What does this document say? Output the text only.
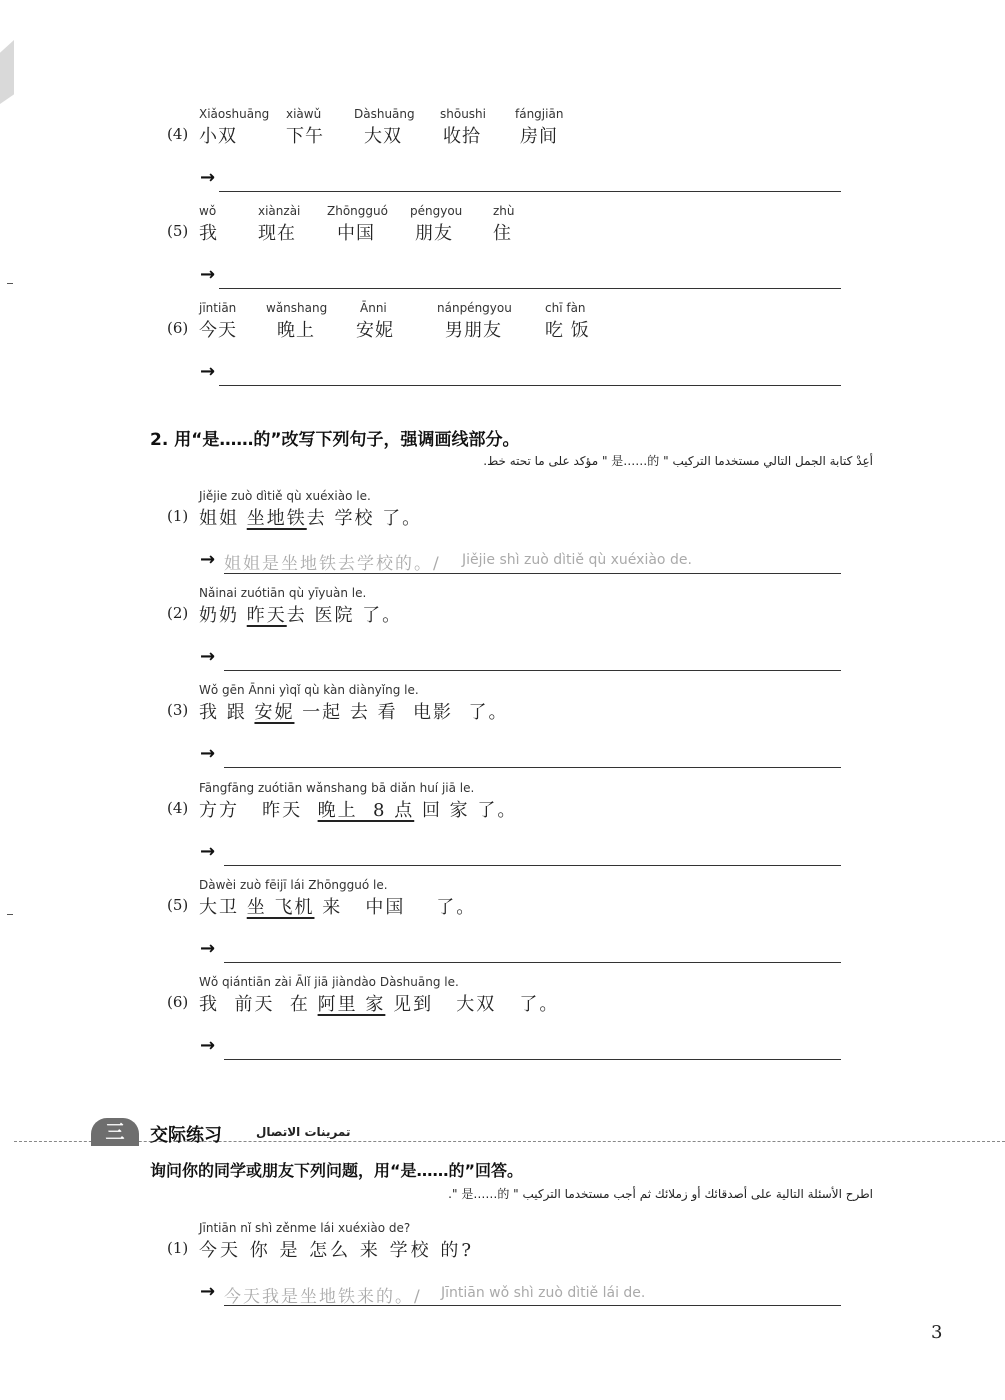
(4)
Xiǎoshuāng
小双
xiàwǔ
下午
Dàshuāng
大双
shōushi
收拾
fángjiān
房间
→
(5)
wǒ
我
xiànzài
现在
Zhōngguó
中国
péngyou
朋友
zhù
住
→
(6)
jīntiān
今天
wǎnshang
晚上
Ānni
安妮
nánpéngyou
男朋友
chī fàn
吃 饭
→
2. 用“是……的”改写下列句子，强调画线部分。
أعِدْ كتابة الجمل التالي مستخدما التركيب " 是……的 " مؤكد على ما تحته خط.
Jiějie zuò dìtiě qù xuéxiào le.
(1) 姐姐 坐地铁去 学校 了。
→ 姐姐是坐地铁去学校的。/ Jiějie shì zuò dìtiě qù xuéxiào de.
Nǎinai zuótiān qù yīyuàn le.
(2) 奶奶 昨天去 医院 了。
→
Wǒ gēn Ānni yìqǐ qù kàn diànyǐng le.
(3) 我 跟 安妮 一起 去 看  电影  了。
→
Fāngfāng zuótiān wǎnshang bā diǎn huí jiā le.
(4) 方方   昨天  晚上  8 点 回 家 了。
→
Dàwèi zuò fēijī lái Zhōngguó le.
(5) 大卫 坐 飞机 来   中国    了。
→
Wǒ qiántiān zài Ālǐ jiā jiàndào Dàshuāng le.
(6) 我  前天  在 阿里 家 见到   大双   了。
→
三	交际练习	تمرينات الاتصال
询问你的同学或朋友下列问题，用“是……的”回答。
اطرح الأسئلة التالية على أصدقائك أو زملائك ثم أجب مستخدما التركيب " 是……的 ".
Jīntiān nǐ shì zěnme lái xuéxiào de?
(1) 今天 你 是 怎么 来 学校 的?
→ 今天我是坐地铁来的。/ Jīntiān wǒ shì zuò dìtiě lái de.
3
